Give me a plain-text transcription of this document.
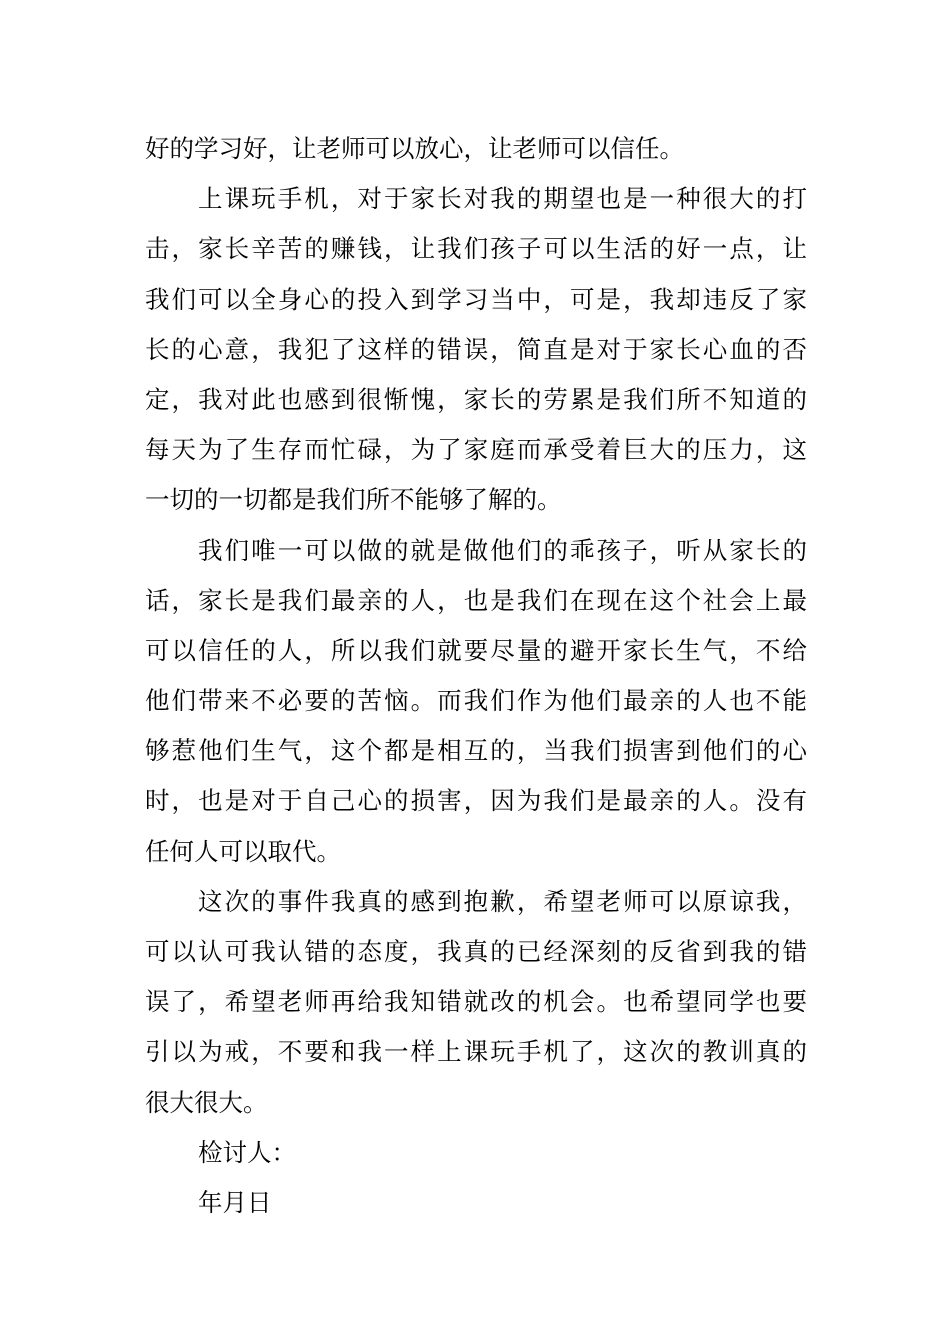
好的学习好，让老师可以放心，让老师可以信任。
上课玩手机，对于家长对我的期望也是一种很大的打
击，家长辛苦的赚钱，让我们孩子可以生活的好一点，让
我们可以全身心的投入到学习当中，可是，我却违反了家
长的心意，我犯了这样的错误，简直是对于家长心血的否
定，我对此也感到很惭愧，家长的劳累是我们所不知道的
每天为了生存而忙碌，为了家庭而承受着巨大的压力，这
一切的一切都是我们所不能够了解的。
我们唯一可以做的就是做他们的乖孩子，听从家长的
话，家长是我们最亲的人，也是我们在现在这个社会上最
可以信任的人，所以我们就要尽量的避开家长生气，不给
他们带来不必要的苦恼。而我们作为他们最亲的人也不能
够惹他们生气，这个都是相互的，当我们损害到他们的心
时，也是对于自己心的损害，因为我们是最亲的人。没有
任何人可以取代。
这次的事件我真的感到抱歉，希望老师可以原谅我，
可以认可我认错的态度，我真的已经深刻的反省到我的错
误了，希望老师再给我知错就改的机会。也希望同学也要
引以为戒，不要和我一样上课玩手机了，这次的教训真的
很大很大。
检讨人：
年月日
